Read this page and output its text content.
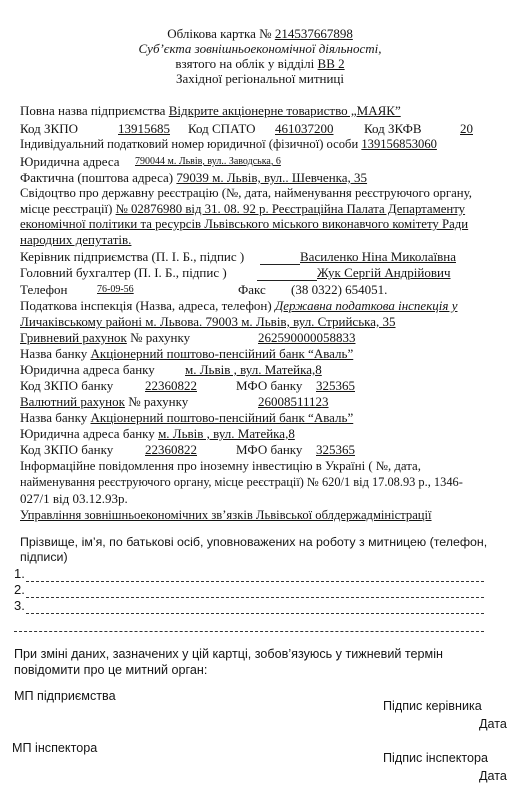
Облікова картка № 214537667898
Суб’єкта зовнішньоекономічної діяльності,
взятого на облік у відділі ВВ 2
Західної регіональної митниці
Повна назва підприємства Відкрите акціонерне товариство „МАЯК”
Код ЗКПО	13915685 Код СПАТО 461037200 Код ЗКФВ	20
Індивідуальний податковий номер юридичної (фізичної) особи 139156853060
Юридична адреса 790044 м. Львів, вул.. Заводська, 6
Фактична (поштова адреса) 79039 м. Львів, вул.. Шевченка, 35
Свідоцтво про державну реєстрацію (№, дата, найменування реєструючого органу,
місце реєстрації) № 02876980 від 31. 08. 92 р. Реєстраційна Палата Департаменту
економічної політики та ресурсів Львівського міського виконавчого комітету Ради
народних депутатів.
Керівник підприємства (П. І. Б., підпис )	Василенко Ніна Миколаївна
Головний бухгалтер (П. І. Б., підпис )	Жук Сергій Андрійович
Телефон	76-09-56	Факс (38 0322) 654051.
Податкова інспекція (Назва, адреса, телефон) Державна податкова інспекція у
Личаківському районі м. Львова. 79003 м. Львів, вул. Стрийська, 35
Гривневий рахунок № рахунку	262590000058833
Назва банку Акціонерний поштово-пенсійний банк “Аваль”
Юридична адреса банку м. Львів , вул. Матейка,8
Код ЗКПО банку 22360822	МФО банку 325365
Валютний рахунок № рахунку	26008511123
Назва банку Акціонерний поштово-пенсійний банк “Аваль”
Юридична адреса банку м. Львів , вул. Матейка,8
Код ЗКПО банку 22360822	МФО банку 325365
Інформаційне повідомлення про іноземну інвестицію в Україні ( №, дата,
найменування реєструючого органу, місце реєстрації) № 620/1 від 17.08.93 р., 1346-
027/1 від 03.12.93р.
Управління зовнішньоекономічних зв’язків Львівської облдержадміністрації
Прізвище, ім’я, по батькові осіб, уповноважених на роботу з митницею (телефон,
підписи)
1.
2.
3.
При зміні даних, зазначених у цій картці, зобов’язуюсь у тижневий термін
повідомити про це митний орган:
МП підприємства
Підпис керівника
Дата
МП інспектора
Підпис інспектора
Дата
